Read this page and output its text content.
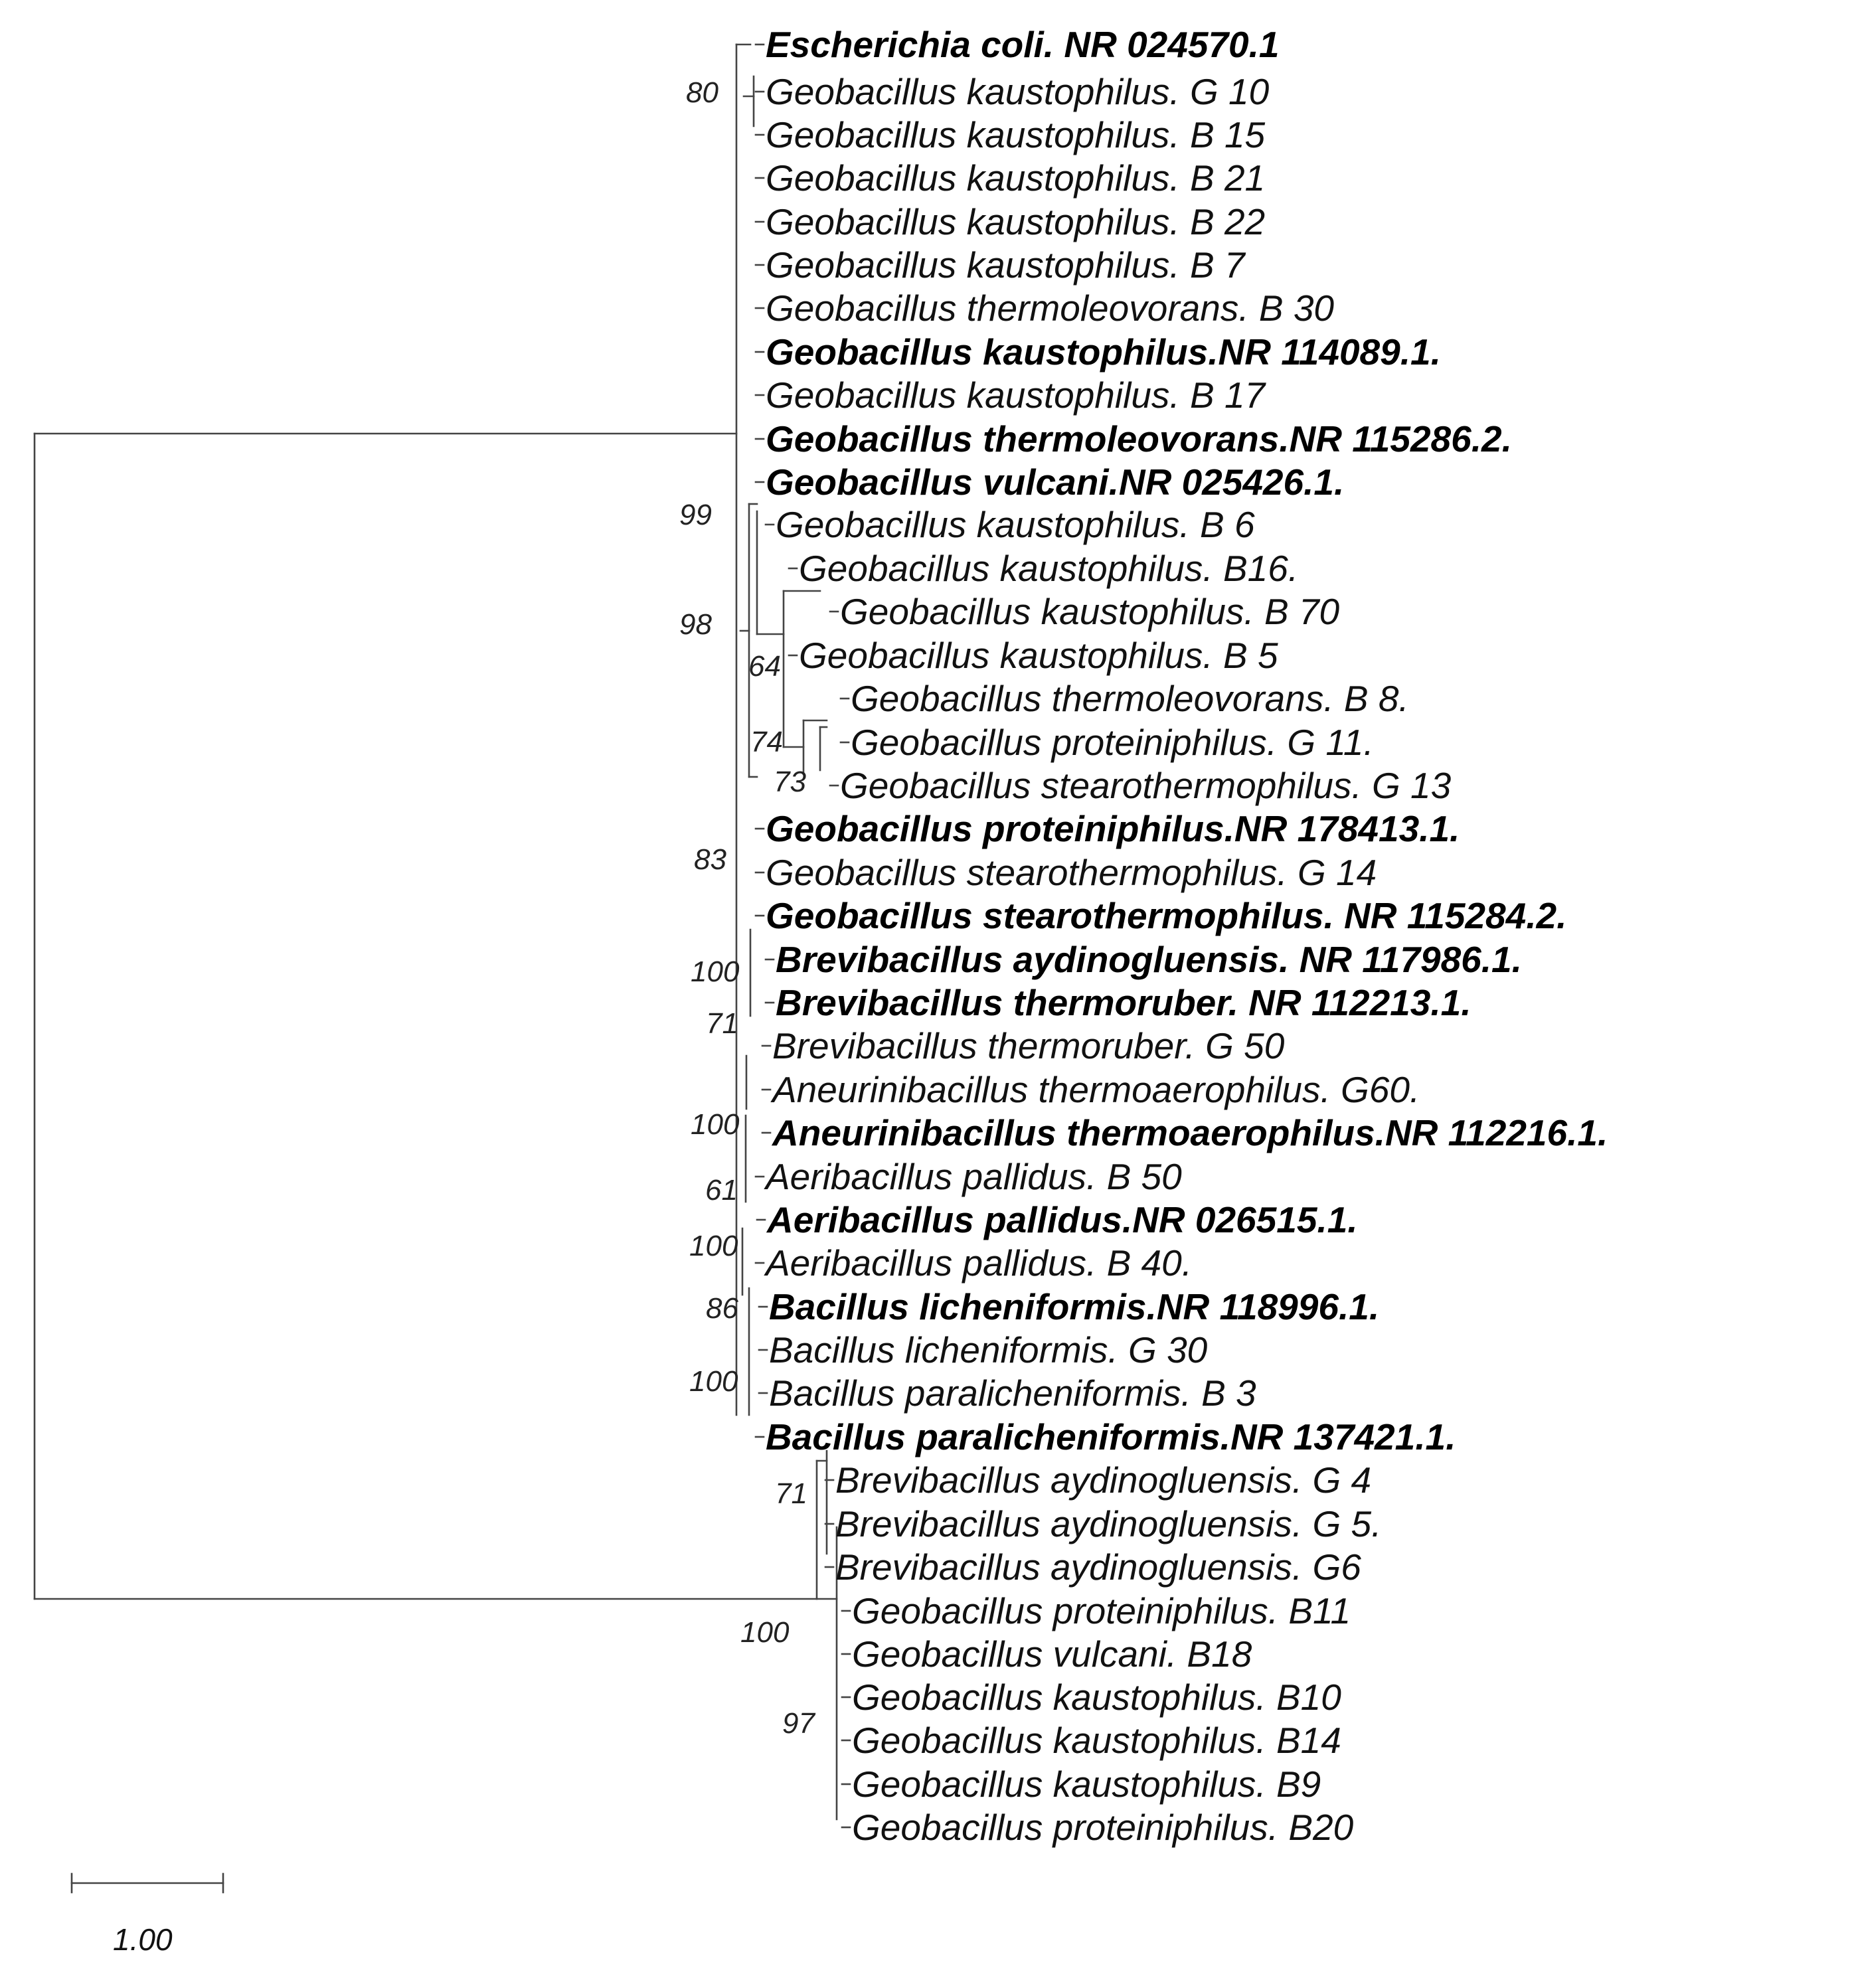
Escherichia coli. NR 024570.1
Geobacillus kaustophilus. G 10
Geobacillus kaustophilus. B 15
Geobacillus kaustophilus. B 21
Geobacillus kaustophilus. B 22
Geobacillus kaustophilus. B 7
Geobacillus thermoleovorans. B 30
Geobacillus kaustophilus.NR 114089.1.
Geobacillus kaustophilus. B 17
Geobacillus thermoleovorans.NR 115286.2.
Geobacillus vulcani.NR 025426.1.
Geobacillus kaustophilus. B 6
Geobacillus kaustophilus. B16.
Geobacillus kaustophilus. B 70
Geobacillus kaustophilus. B 5
Geobacillus thermoleovorans. B 8.
Geobacillus proteiniphilus. G 11.
Geobacillus stearothermophilus. G 13
Geobacillus proteiniphilus.NR 178413.1.
Geobacillus stearothermophilus. G 14
Geobacillus stearothermophilus. NR 115284.2.
Brevibacillus aydinogluensis. NR 117986.1.
Brevibacillus thermoruber. NR 112213.1.
Brevibacillus thermoruber. G 50
Aneurinibacillus thermoaerophilus. G60.
Aneurinibacillus thermoaerophilus.NR 112216.1.
Aeribacillus pallidus. B 50
Aeribacillus pallidus.NR 026515.1.
Aeribacillus pallidus. B 40.
Bacillus licheniformis.NR 118996.1.
Bacillus licheniformis. G 30
Bacillus paralicheniformis. B 3
Bacillus paralicheniformis.NR 137421.1.
Brevibacillus aydinogluensis. G 4
Brevibacillus aydinogluensis. G 5.
Brevibacillus aydinogluensis. G6
Geobacillus proteiniphilus. B11
Geobacillus vulcani. B18
Geobacillus kaustophilus. B10
Geobacillus kaustophilus. B14
Geobacillus kaustophilus. B9
Geobacillus proteiniphilus. B20
80
99
98
64
74
73
83
100
71
100
61
100
86
100
71
100
97
1.00
